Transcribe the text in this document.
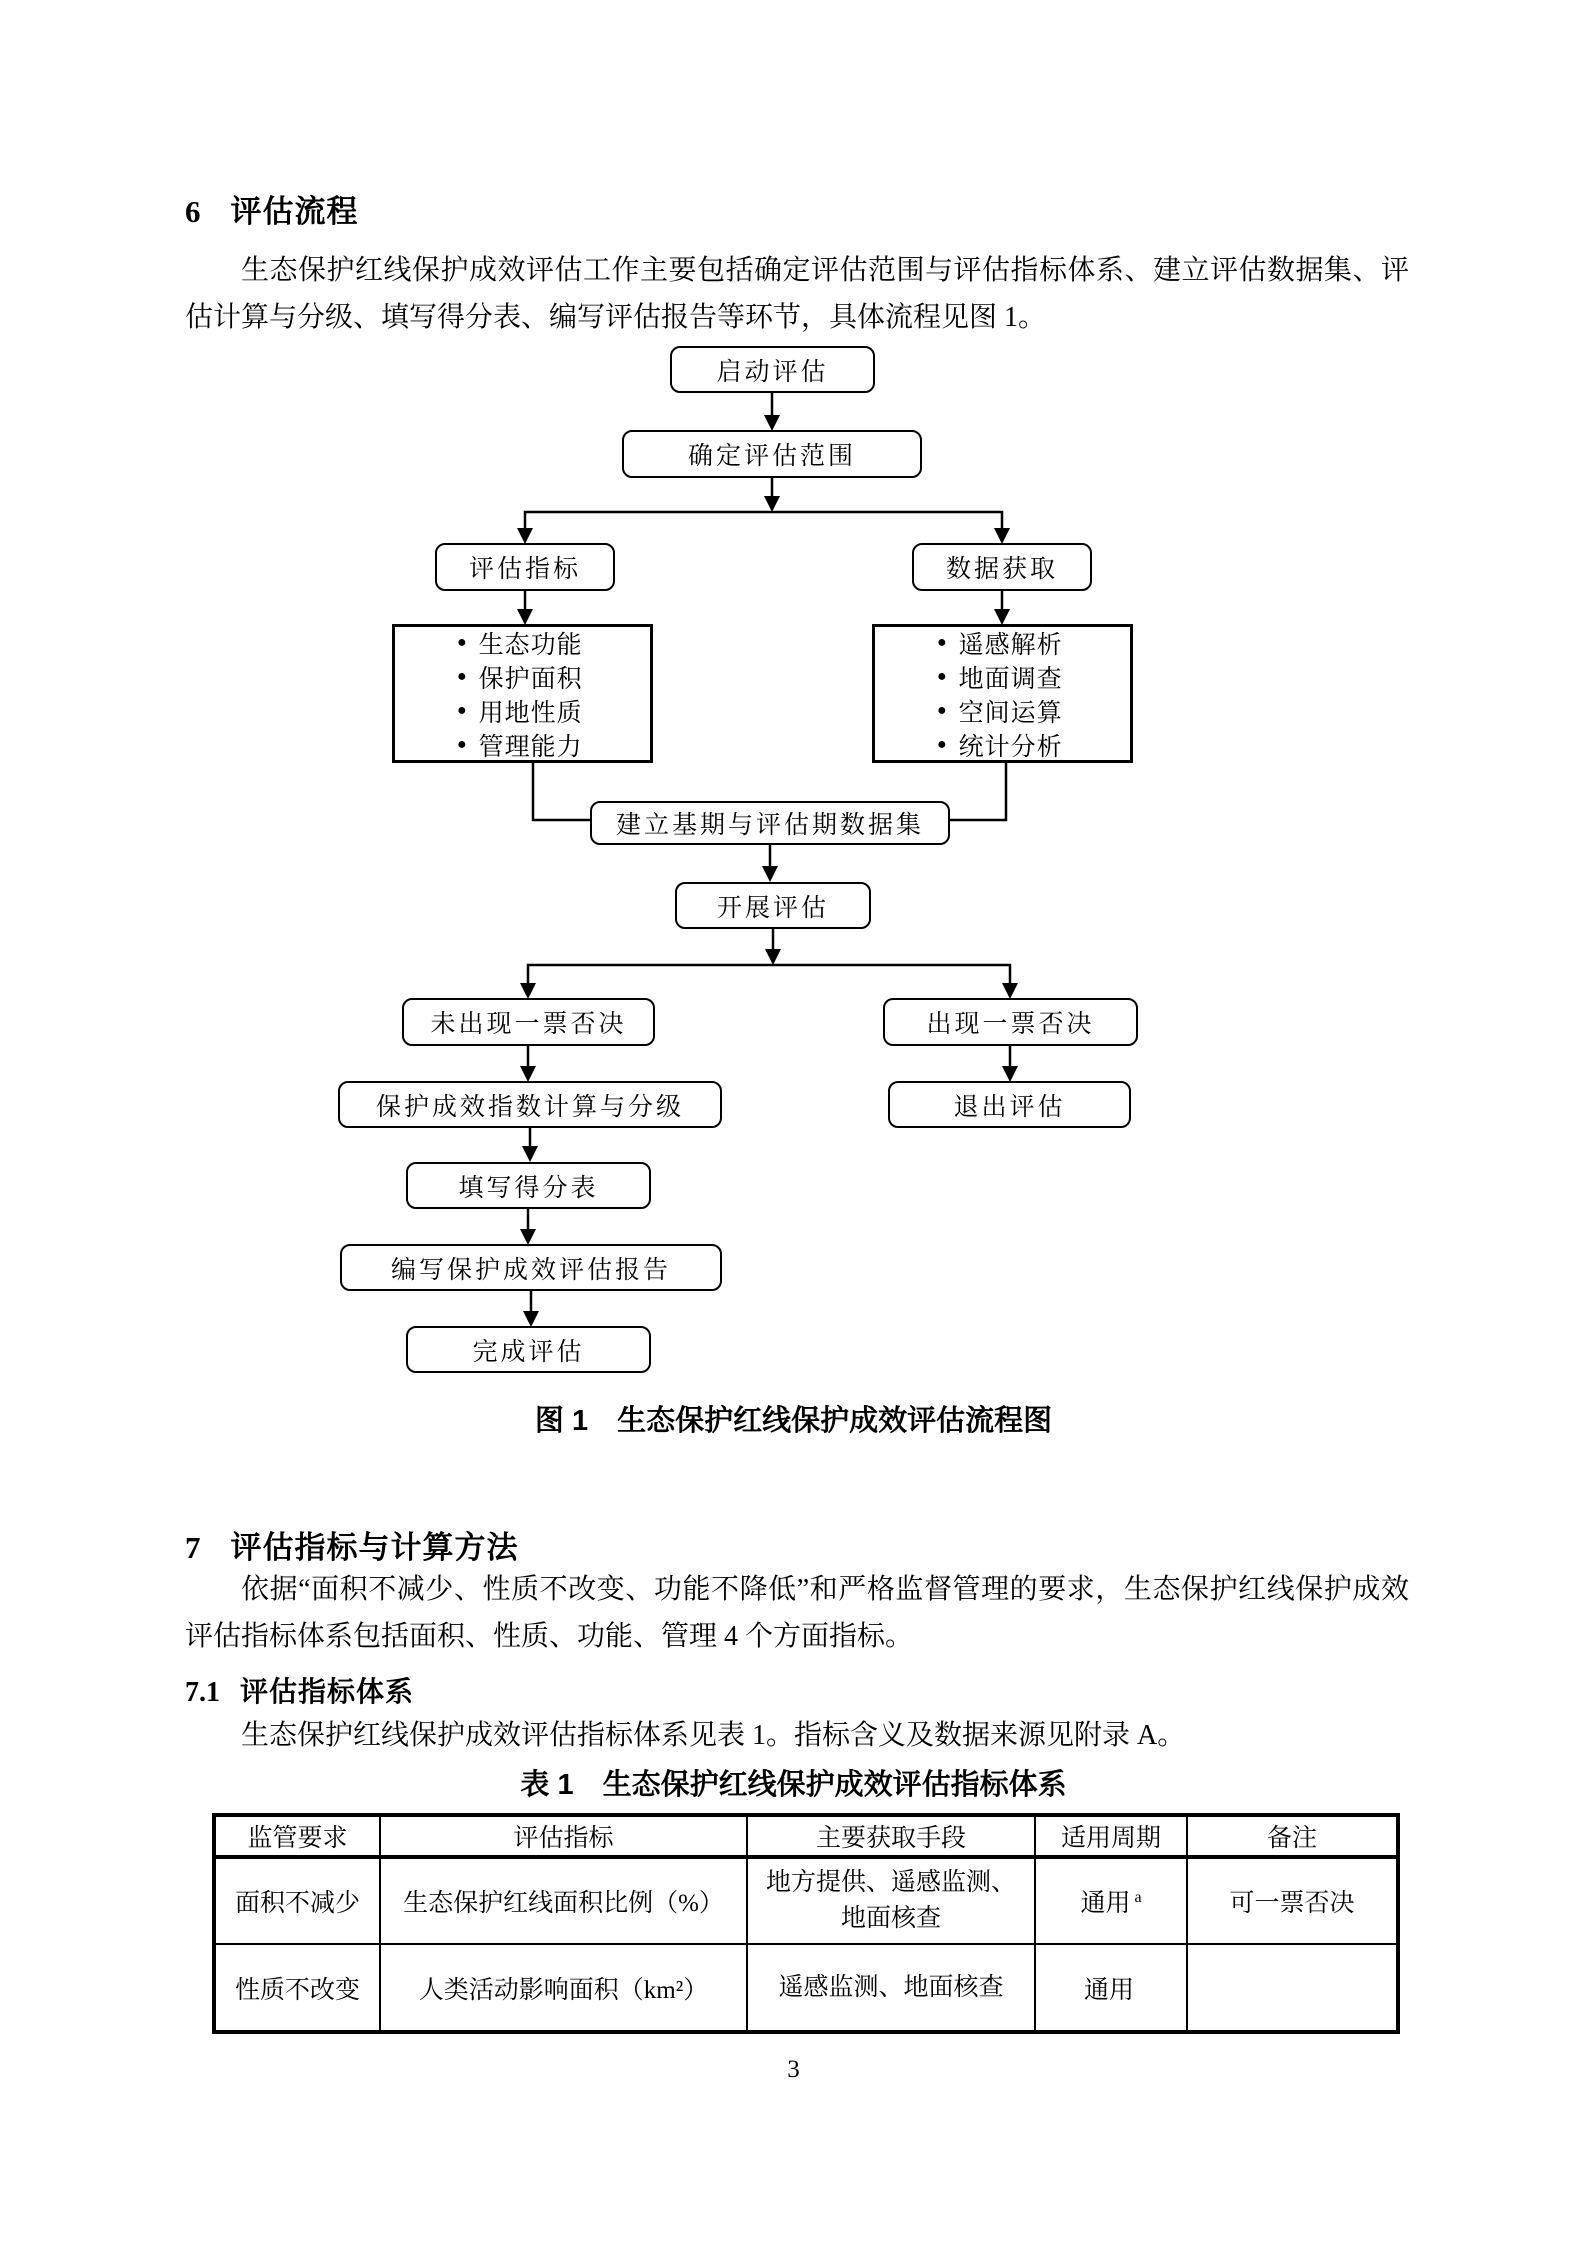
6 评估流程

生态保护红线保护成效评估工作主要包括确定评估范围与评估指标体系、建立评估数据集、评估计算与分级、填写得分表、编写评估报告等环节，具体流程见图 1。

启动评估
确定评估范围
评估指标	数据获取
● 生态功能
● 保护面积
● 用地性质
● 管理能力
● 遥感解析
● 地面调查
● 空间运算
● 统计分析
建立基期与评估期数据集
开展评估
未出现一票否决	出现一票否决
保护成效指数计算与分级	退出评估
填写得分表
编写保护成效评估报告
完成评估
图 1　生态保护红线保护成效评估流程图
7 评估指标与计算方法

依据“面积不减少、性质不改变、功能不降低”和严格监督管理的要求，生态保护红线保护成效评估指标体系包括面积、性质、功能、管理 4 个方面指标。

7.1 评估指标体系

生态保护红线保护成效评估指标体系见表 1。指标含义及数据来源见附录 A。

表 1　生态保护红线保护成效评估指标体系
监管要求	评估指标	主要获取手段	适用周期	备注
面积不减少	生态保护红线面积比例（%）	地方提供、遥感监测、地面核查	通用 $^a$	可一票否决
性质不改变	人类活动影响面积（km²）	遥感监测、地面核查	通用	
3
